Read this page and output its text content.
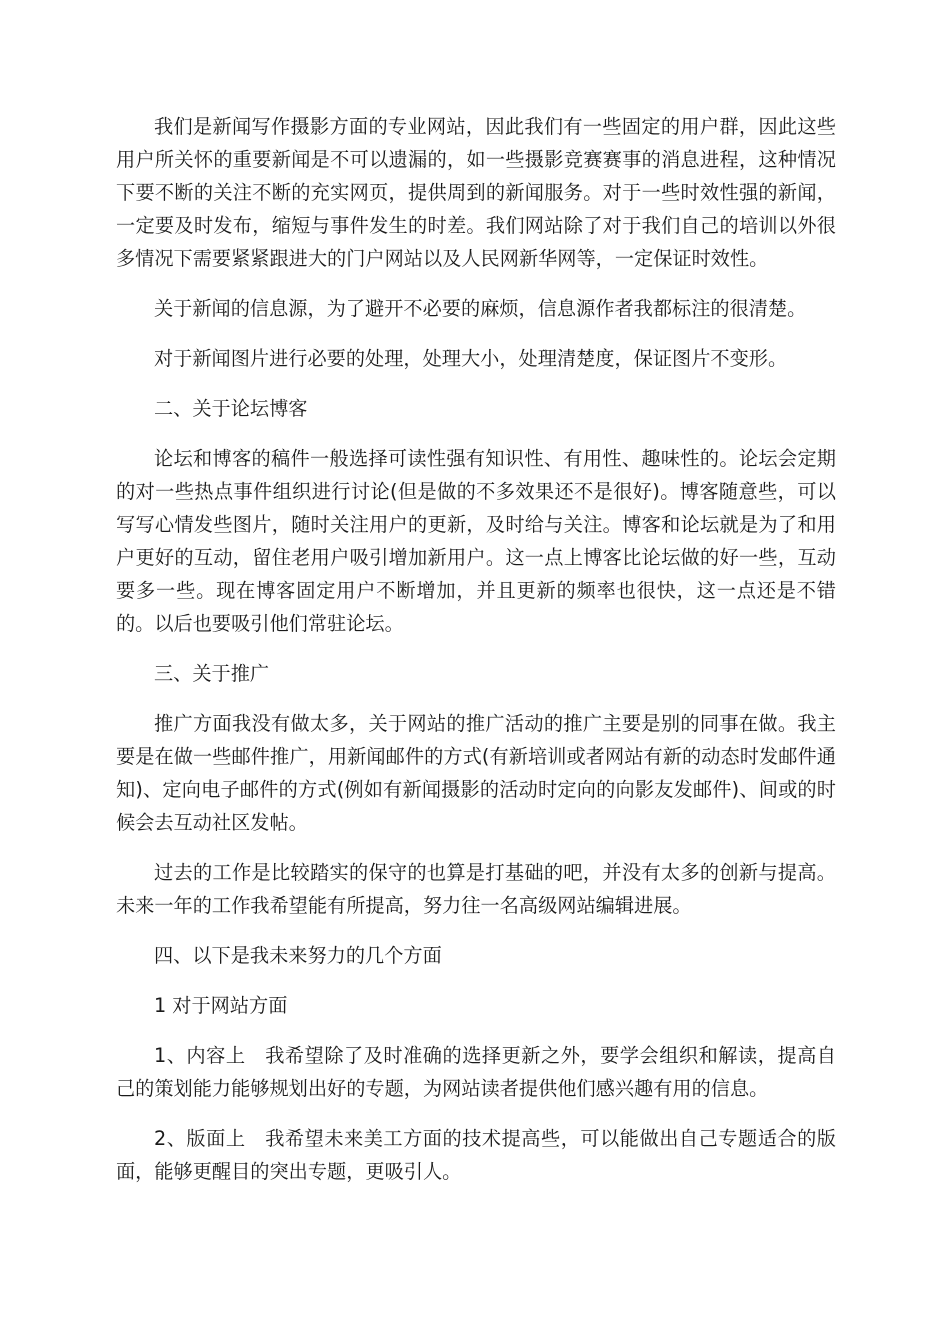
我们是新闻写作摄影方面的专业网站，因此我们有一些固定的用户群，因此这些用户所关怀的重要新闻是不可以遗漏的，如一些摄影竞赛赛事的消息进程，这种情况下要不断的关注不断的充实网页，提供周到的新闻服务。对于一些时效性强的新闻，一定要及时发布，缩短与事件发生的时差。我们网站除了对于我们自己的培训以外很多情况下需要紧紧跟进大的门户网站以及人民网新华网等，一定保证时效性。

关于新闻的信息源，为了避开不必要的麻烦，信息源作者我都标注的很清楚。

对于新闻图片进行必要的处理，处理大小，处理清楚度，保证图片不变形。

二、关于论坛博客

论坛和博客的稿件一般选择可读性强有知识性、有用性、趣味性的。论坛会定期的对一些热点事件组织进行讨论(但是做的不多效果还不是很好)。博客随意些，可以写写心情发些图片，随时关注用户的更新，及时给与关注。博客和论坛就是为了和用户更好的互动，留住老用户吸引增加新用户。这一点上博客比论坛做的好一些，互动要多一些。现在博客固定用户不断增加，并且更新的频率也很快，这一点还是不错的。以后也要吸引他们常驻论坛。

三、关于推广

推广方面我没有做太多，关于网站的推广活动的推广主要是别的同事在做。我主要是在做一些邮件推广，用新闻邮件的方式(有新培训或者网站有新的动态时发邮件通知)、定向电子邮件的方式(例如有新闻摄影的活动时定向的向影友发邮件)、间或的时候会去互动社区发帖。

过去的工作是比较踏实的保守的也算是打基础的吧，并没有太多的创新与提高。未来一年的工作我希望能有所提高，努力往一名高级网站编辑进展。

四、以下是我未来努力的几个方面

1 对于网站方面

1、内容上　我希望除了及时准确的选择更新之外，要学会组织和解读，提高自己的策划能力能够规划出好的专题，为网站读者提供他们感兴趣有用的信息。

2、版面上　我希望未来美工方面的技术提高些，可以能做出自己专题适合的版面，能够更醒目的突出专题，更吸引人。
